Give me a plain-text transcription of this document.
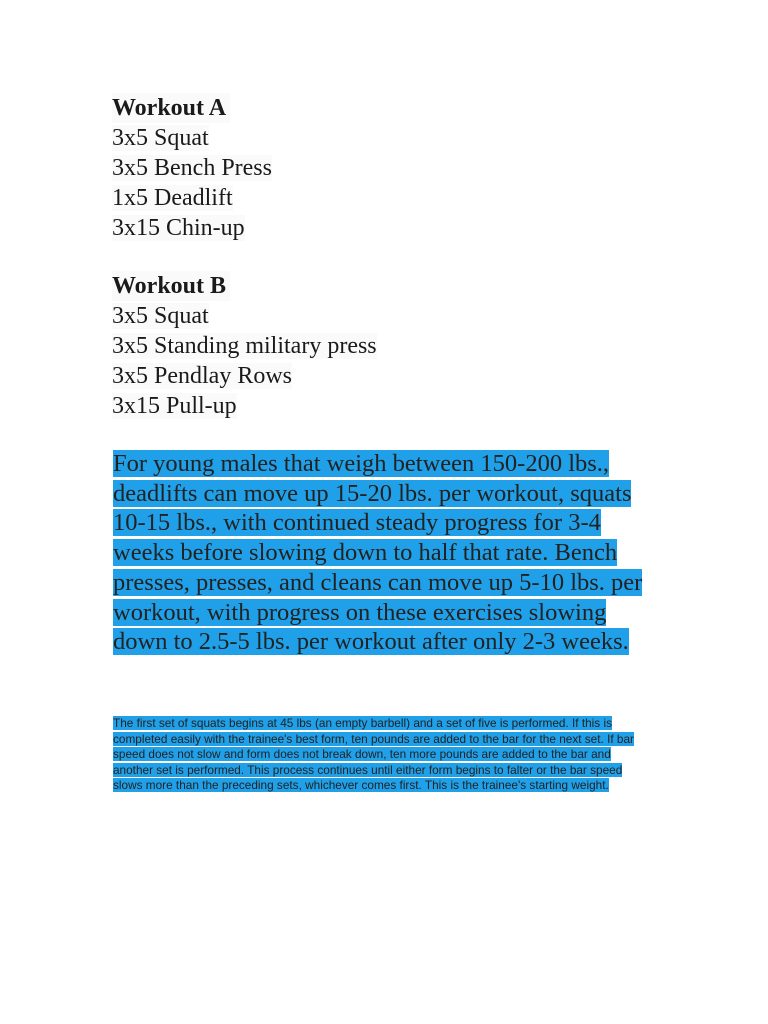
Workout A
3x5 Squat
3x5 Bench Press
1x5 Deadlift
3x15 Chin-up
Workout B
3x5 Squat
3x5 Standing military press
3x5 Pendlay Rows
3x15 Pull-up

For young males that weigh between 150-200 lbs., deadlifts can move up 15-20 lbs. per workout, squats 10-15 lbs., with continued steady progress for 3-4 weeks before slowing down to half that rate. Bench presses, presses, and cleans can move up 5-10 lbs. per workout, with progress on these exercises slowing down to 2.5-5 lbs. per workout after only 2-3 weeks.

The first set of squats begins at 45 lbs (an empty barbell) and a set of five is performed. If this is completed easily with the trainee's best form, ten pounds are added to the bar for the next set. If bar speed does not slow and form does not break down, ten more pounds are added to the bar and another set is performed. This process continues until either form begins to falter or the bar speed slows more than the preceding sets, whichever comes first. This is the trainee's starting weight.
